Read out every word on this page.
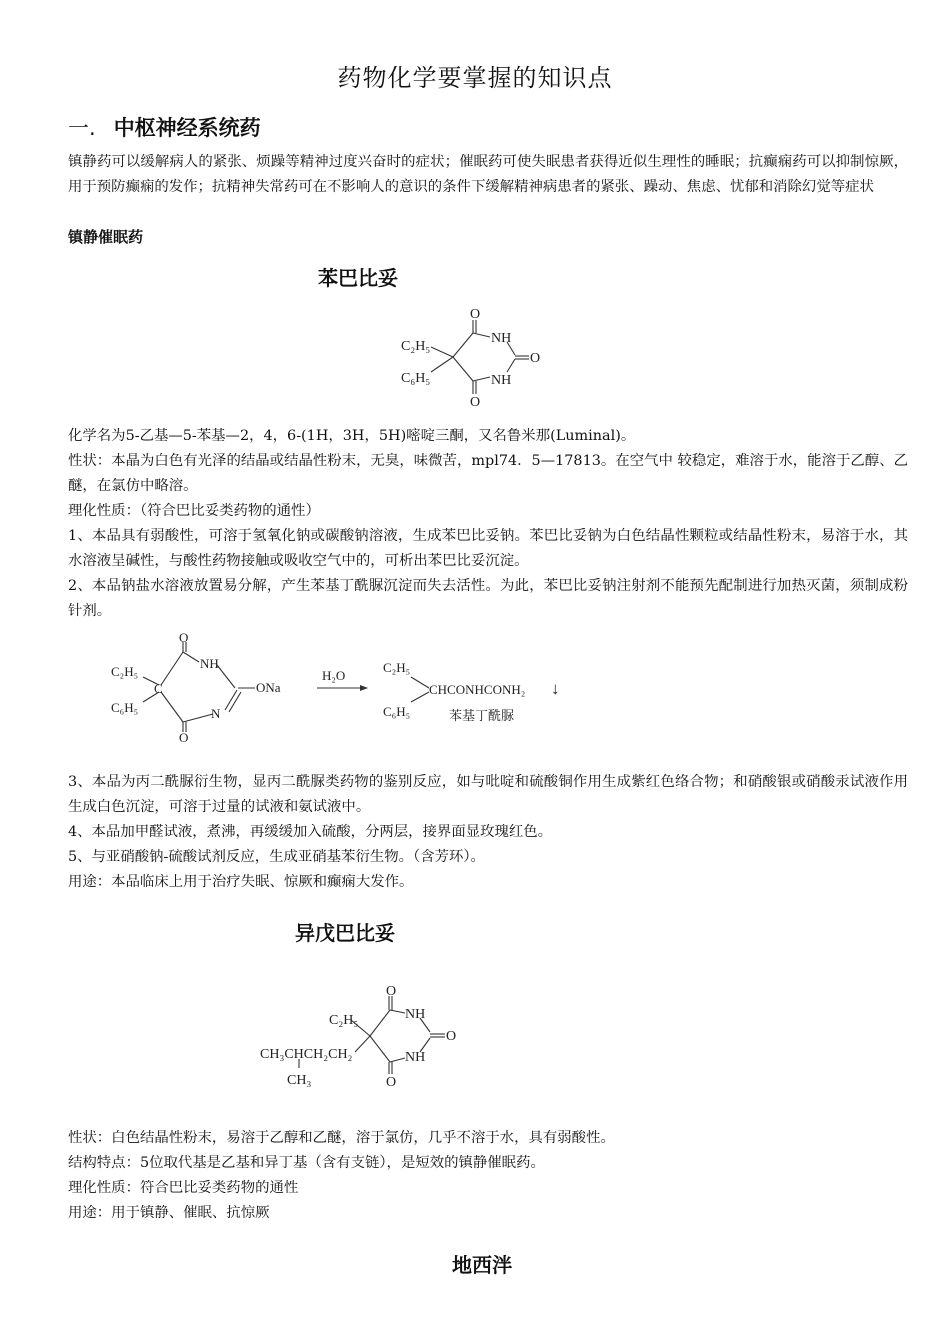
药物化学要掌握的知识点
一. 中枢神经系统药
镇静药可以缓解病人的紧张、烦躁等精神过度兴奋时的症状；催眠药可使失眠患者获得近似生理性的睡眠；抗癫痫药可以抑制惊厥，用于预防癫痫的发作；抗精神失常药可在不影响人的意识的条件下缓解精神病患者的紧张、躁动、焦虑、忧郁和消除幻觉等症状
镇静催眠药
苯巴比妥
O
O
NH
NH
O
C₂H₅
C₆H₅
化学名为5-乙基—5-苯基—2，4，6-(1H，3H，5H)嘧啶三酮，又名鲁米那(Luminal)。
性状：本晶为白色有光泽的结晶或结晶性粉末，无臭，味微苦，mpl74．5—17813。在空气中 较稳定，难溶于水，能溶于乙醇、乙醚，在氯仿中略溶。
理化性质：（符合巴比妥类药物的通性）
1、本品具有弱酸性，可溶于氢氧化钠或碳酸钠溶液，生成苯巴比妥钠。苯巴比妥钠为白色结晶性颗粒或结晶性粉末，易溶于水，其水溶液呈碱性，与酸性药物接触或吸收空气中的，可析出苯巴比妥沉淀。
2、本品钠盐水溶液放置易分解，产生苯基丁酰脲沉淀而失去活性。为此，苯巴比妥钠注射剂不能预先配制进行加热灭菌，须制成粉针剂。
O
O
NH
N
C	ONa
C₂H₅
C₆H₅
H₂O
C₂H₅
C₆H₅
CHCONHCONH₂ ↓
苯基丁酰脲
3、本品为丙二酰脲衍生物，显丙二酰脲类药物的鉴别反应，如与吡啶和硫酸铜作用生成紫红色络合物；和硝酸银或硝酸汞试液作用生成白色沉淀，可溶于过量的试液和氨试液中。
4、本品加甲醛试液，煮沸，再缓缓加入硫酸，分两层，接界面显玫瑰红色。
5、与亚硝酸钠-硫酸试剂反应，生成亚硝基苯衍生物。（含芳环）。
用途：本品临床上用于治疗失眠、惊厥和癫痫大发作。
异戊巴比妥
O
O
NH
NH
O
C₂H₅
CH₃CHCH₂CH₂
CH₃
性状：白色结晶性粉末，易溶于乙醇和乙醚，溶于氯仿，几乎不溶于水，具有弱酸性。
结构特点：5位取代基是乙基和异丁基（含有支链），是短效的镇静催眠药。
理化性质：符合巴比妥类药物的通性
用途：用于镇静、催眠、抗惊厥
地西泮
